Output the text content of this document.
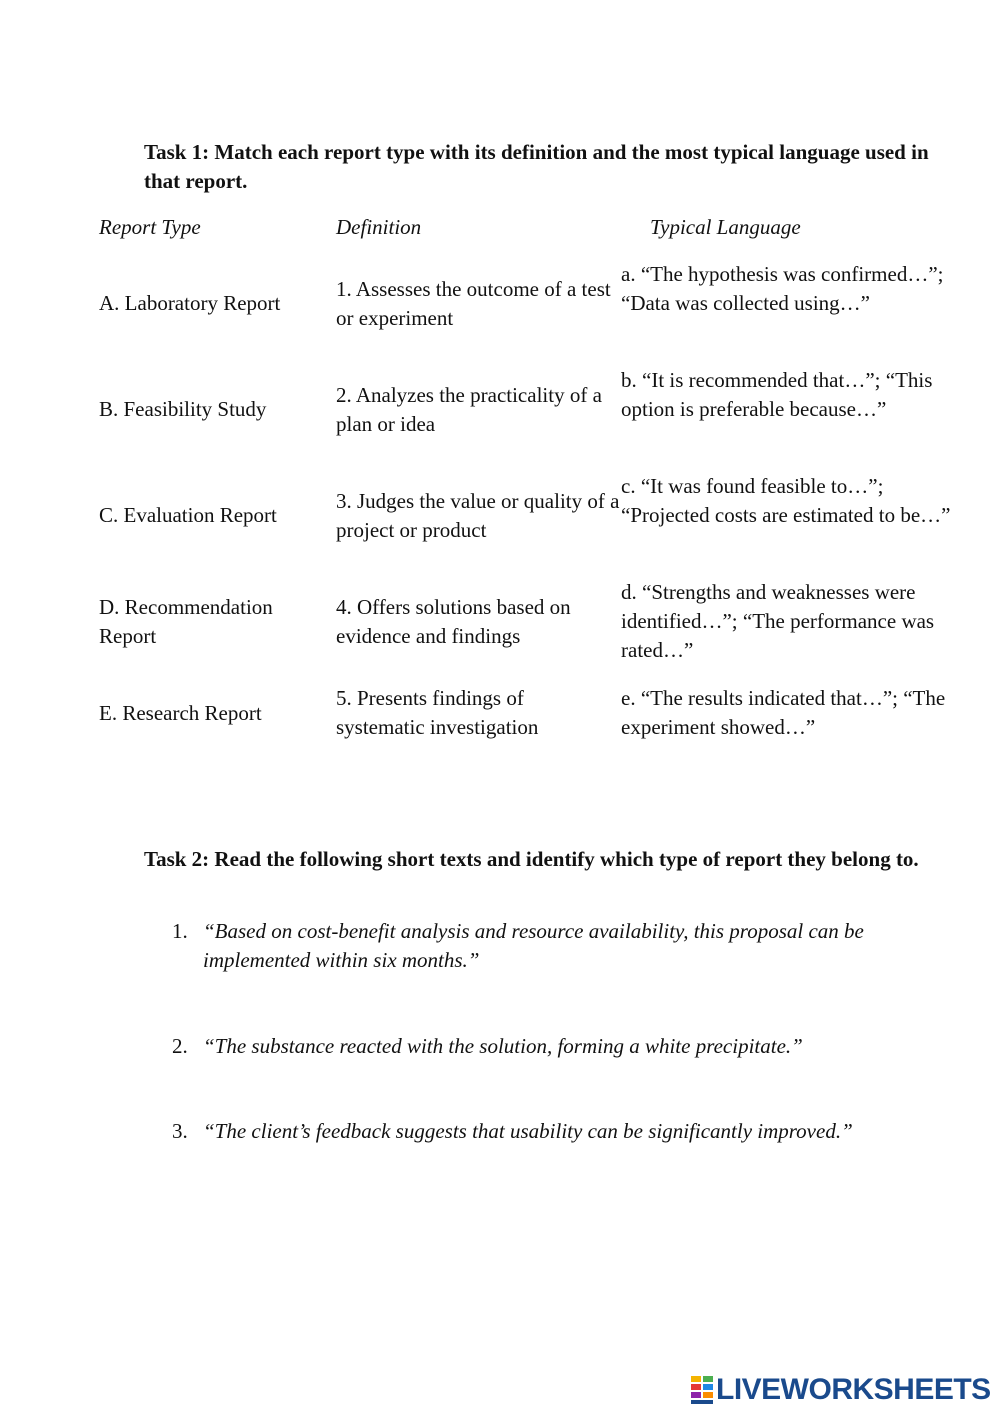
Task 1: Match each report type with its definition and the most typical language used in that report.
Report Type	Definition	Typical Language
A. Laboratory Report
1. Assesses the outcome of a test or experiment
a. “The hypothesis was confirmed…”; “Data was collected using…”
B. Feasibility Study
2. Analyzes the practicality of a plan or idea
b. “It is recommended that…”; “This option is preferable because…”
C. Evaluation Report
3. Judges the value or quality of a project or product
c. “It was found feasible to…”; “Projected costs are estimated to be…”
D. Recommendation Report
4. Offers solutions based on evidence and findings
d. “Strengths and weaknesses were identified…”; “The performance was rated…”
E. Research Report
5. Presents findings of systematic investigation
e. “The results indicated that…”; “The experiment showed…”
Task 2: Read the following short texts and identify which type of report they belong to.
1. “Based on cost-benefit analysis and resource availability, this proposal can be implemented within six months.”
2. “The substance reacted with the solution, forming a white precipitate.”
3. “The client’s feedback suggests that usability can be significantly improved.”
LIVEWORKSHEETS
